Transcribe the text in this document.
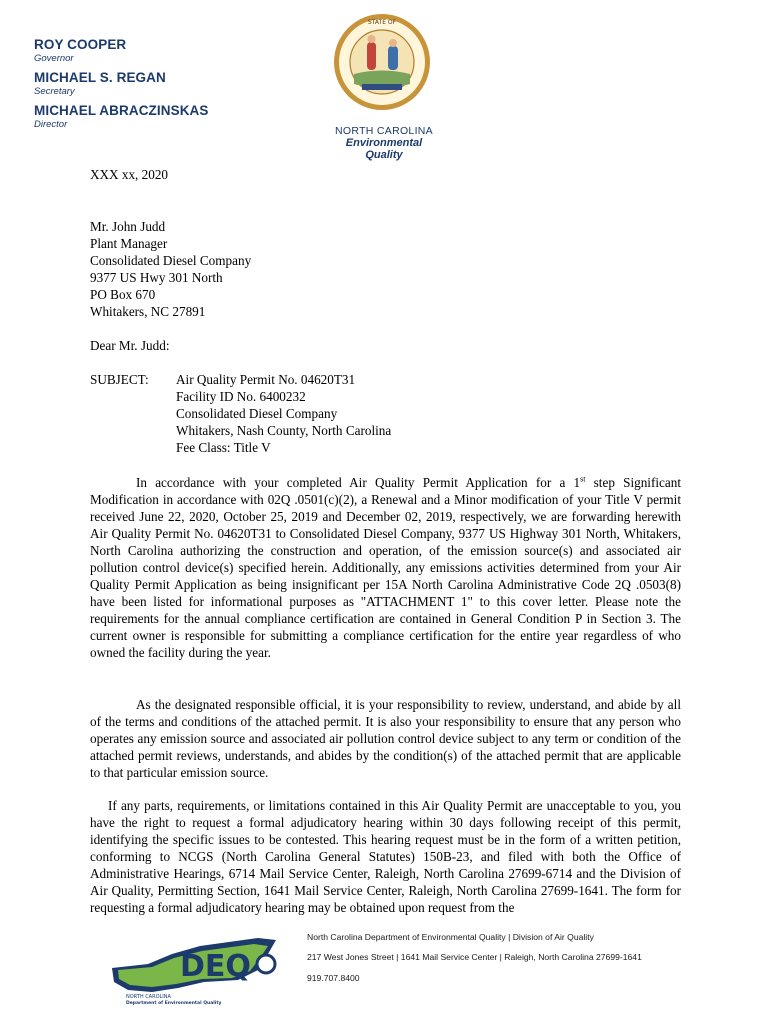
ROY COOPER
Governor
MICHAEL S. REGAN
Secretary
MICHAEL ABRACZINSKAS
Director
STATE OF
NORTH CAROLINA
Environmental Quality
XXX xx, 2020
Mr. John Judd
Plant Manager
Consolidated Diesel Company
9377 US Hwy 301 North
PO Box 670
Whitakers, NC 27891
Dear Mr. Judd:
SUBJECT: Air Quality Permit No. 04620T31
Facility ID No. 6400232
Consolidated Diesel Company
Whitakers, Nash County, North Carolina
Fee Class: Title V
In accordance with your completed Air Quality Permit Application for a 1st step Significant Modification in accordance with 02Q .0501(c)(2), a Renewal and a Minor modification of your Title V permit received June 22, 2020, October 25, 2019 and December 02, 2019, respectively, we are forwarding herewith Air Quality Permit No. 04620T31 to Consolidated Diesel Company, 9377 US Highway 301 North, Whitakers, North Carolina authorizing the construction and operation, of the emission source(s) and associated air pollution control device(s) specified herein. Additionally, any emissions activities determined from your Air Quality Permit Application as being insignificant per 15A North Carolina Administrative Code 2Q .0503(8) have been listed for informational purposes as "ATTACHMENT 1" to this cover letter. Please note the requirements for the annual compliance certification are contained in General Condition P in Section 3. The current owner is responsible for submitting a compliance certification for the entire year regardless of who owned the facility during the year.
As the designated responsible official, it is your responsibility to review, understand, and abide by all of the terms and conditions of the attached permit. It is also your responsibility to ensure that any person who operates any emission source and associated air pollution control device subject to any term or condition of the attached permit reviews, understands, and abides by the condition(s) of the attached permit that are applicable to that particular emission source.
If any parts, requirements, or limitations contained in this Air Quality Permit are unacceptable to you, you have the right to request a formal adjudicatory hearing within 30 days following receipt of this permit, identifying the specific issues to be contested. This hearing request must be in the form of a written petition, conforming to NCGS (North Carolina General Statutes) 150B-23, and filed with both the Office of Administrative Hearings, 6714 Mail Service Center, Raleigh, North Carolina 27699-6714 and the Division of Air Quality, Permitting Section, 1641 Mail Service Center, Raleigh, North Carolina 27699-1641. The form for requesting a formal adjudicatory hearing may be obtained upon request from the
DEQ
NORTH CAROLINA
Department of Environmental Quality
North Carolina Department of Environmental Quality | Division of Air Quality
217 West Jones Street | 1641 Mail Service Center | Raleigh, North Carolina 27699-1641
919.707.8400
